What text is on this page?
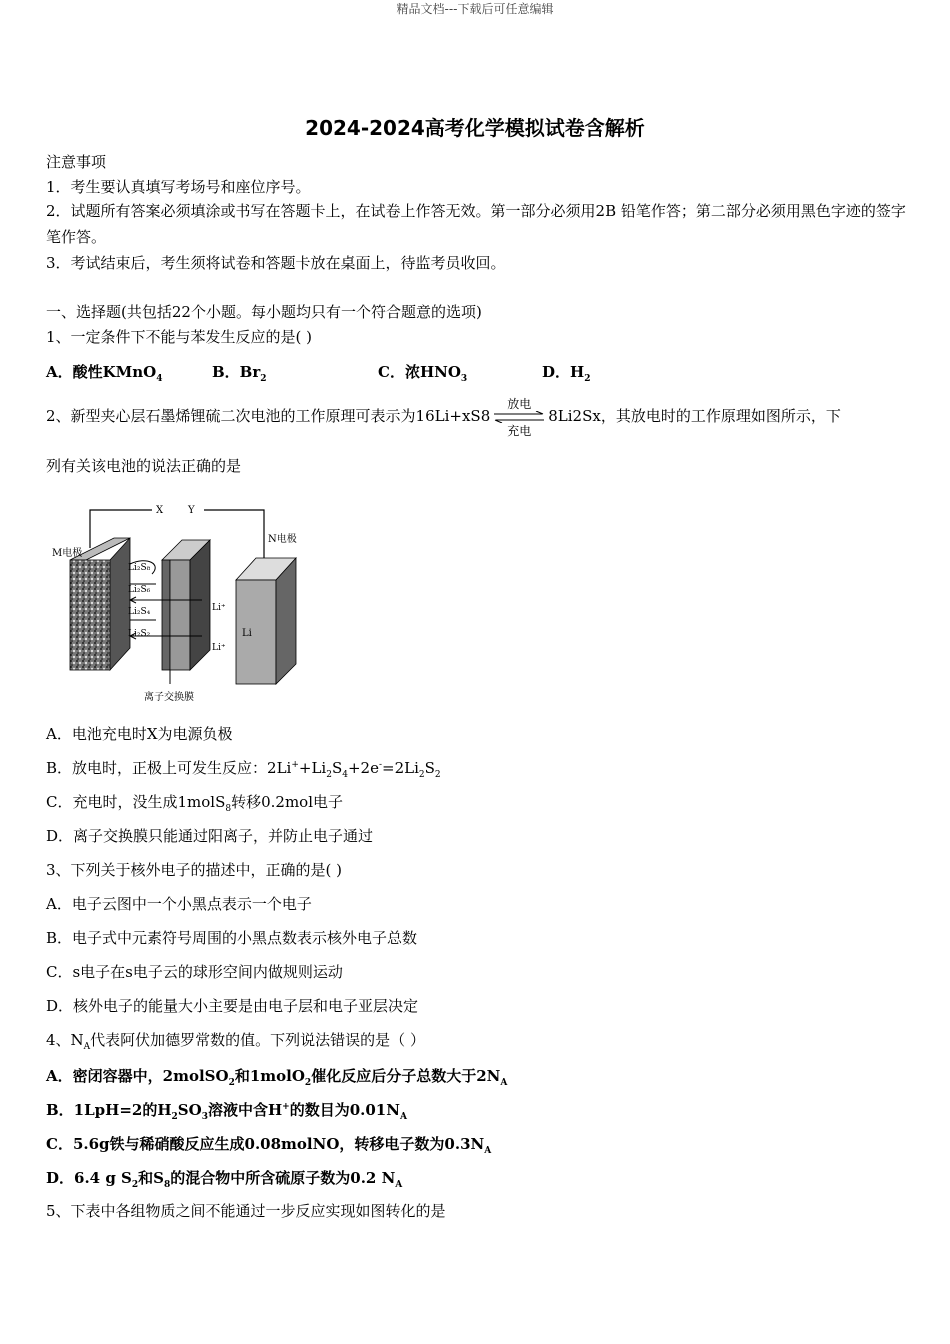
精品文档---下载后可任意编辑
2024-2024高考化学模拟试卷含解析
注意事项
1．考生要认真填写考场号和座位序号。
2．试题所有答案必须填涂或书写在答题卡上，在试卷上作答无效。第一部分必须用2B 铅笔作答；第二部分必须用黑色字迹的签字笔作答。
3．考试结束后，考生须将试卷和答题卡放在桌面上，待监考员收回。
一、选择题(共包括22个小题。每小题均只有一个符合题意的选项)
1、一定条件下不能与苯发生反应的是( )
A．酸性KMnO$_4$	B．$Br_2$	C．浓$HNO_3$	D．$H_2$
2、新型夹心层石墨烯锂硫二次电池的工作原理可表示为16Li+xS8
放电
充电
8Li2Sx，其放电时的工作原理如图所示，下
列有关该电池的说法正确的是
X Y
M电极
Li₂S₈
Li₂S₆
Li₂S₄
Li₂S₂
Li⁺
Li⁺
Li
N电极
离子交换膜
A．电池充电时X为电源负极
B．放电时，正极上可发生反应：$2Li^++Li_2S_4+2e^-=2Li_2S_2$
C．充电时，没生成1molS$_8$转移0.2mol电子
D．离子交换膜只能通过阳离子，并防止电子通过
3、下列关于核外电子的描述中，正确的是( )
A．电子云图中一个小黑点表示一个电子
B．电子式中元素符号周围的小黑点数表示核外电子总数
C．s电子在s电子云的球形空间内做规则运动
D．核外电子的能量大小主要是由电子层和电子亚层决定
4、$N_A$代表阿伏加德罗常数的值。下列说法错误的是（ ）
A．密闭容器中，2molSO$_2$和1molO$_2$催化反应后分子总数大于$2N_A$
B．1LpH=2的$H_2SO_3$溶液中含H+的数目为$0.01N_A$
C．5.6g铁与稀硝酸反应生成0.08molNO，转移电子数为$0.3N_A$
D．6.4 g $S_2$和$S_8$的混合物中所含硫原子数为0.2 $N_A$
5、下表中各组物质之间不能通过一步反应实现如图转化的是
